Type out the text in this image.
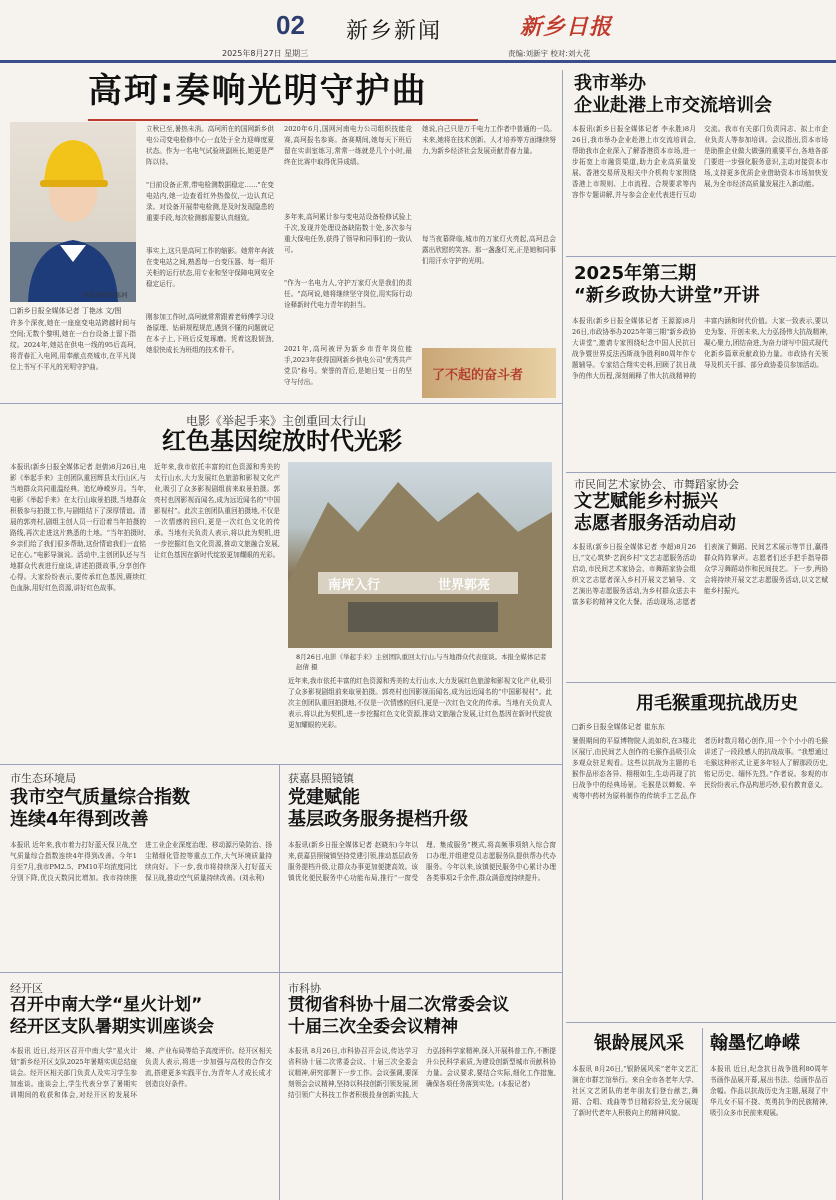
02 新乡新闻
2025年8月27日 星期三
新乡日报
责编:刘新宇 校对:刘大花
高珂:奏响光明守护曲
英姿飒爽的高珂
□新乡日报全媒体记者 丁艳冰 文/图
许多个深夜,她在一座座变电站跨越时间与空间;无数个黎明,她在一台台设备上留下指纹。2024年,她站在供电一线的95后高珂,将青春汇入电网,用奉献点亮城市,在平凡岗位上书写不平凡的光明守护曲。
立秋已至,暑热未消。高珂所在的国网新乡供电公司变电检修中心一直处于全力迎峰度夏状态。作为一名电气试验班副班长,她更是严阵以待。
"目前设备正常,带电检测数据稳定……"在变电站内,她一边查看红外热像仪,一边认真记录。对设备开展带电检测,是及时发现隐患的重要手段,每次检测都需要认真细致。
事实上,这只是高珂工作的缩影。她常年奔波在变电站之间,熟悉每一台变压器、每一组开关柜的运行状态,用专业和坚守保障电网安全稳定运行。
刚参加工作时,高珂就常常跟着老师傅学习设备原理、钻研规程规范,遇到不懂的问题就记在本子上,下班后反复琢磨。凭着这股韧劲,她很快成长为班组的技术骨干。
2020年6月,国网河南电力公司组织技能竞赛,高珂报名参赛。备赛期间,她每天下班后留在实训室练习,常常一练就是几个小时,最终在比赛中取得优异成绩。
多年来,高珂累计参与变电站设备检修试验上千次,发现并处理设备缺陷数十处,多次参与重大保电任务,获得了领导和同事们的一致认可。
"作为一名电力人,守护万家灯火是我们的责任。"高珂说,她将继续坚守岗位,用实际行动诠释新时代电力青年的担当。
2021年,高珂被评为新乡市青年岗位能手,2023年获得国网新乡供电公司"优秀共产党员"称号。荣誉的背后,是她日复一日的坚守与付出。
她说,自己只是万千电力工作者中普通的一员。未来,她将在技术创新、人才培养等方面继续努力,为新乡经济社会发展贡献青春力量。
每当夜幕降临,城市的万家灯火亮起,高珂总会露出欣慰的笑容。那一盏盏灯光,正是她和同事们用汗水守护的光明。
了不起的奋斗者
电影《举起手来》主创重回太行山
红色基因绽放时代光彩
本报讯(新乡日报全媒体记者 赵倩)8月26日,电影《举起手来》主创团队重回辉县太行山区,与当地群众共同重温经典、追忆峥嵘岁月。当年,电影《举起手来》在太行山取景拍摄,当地群众积极参与拍摄工作,与剧组结下了深厚情谊。清晨的郭亮村,剧组主创人员一行沿着当年拍摄的路线,再次走进这片熟悉的土地。“当年拍摄时,乡亲们给了我们很多帮助,这份情谊我们一直铭记在心。”电影导演说。活动中,主创团队还与当地群众代表进行座谈,讲述拍摄故事,分享创作心得。大家纷纷表示,要传承红色基因,赓续红色血脉,用好红色资源,讲好红色故事。	南坪入行	世界郭亮
8月26日,电影《举起手来》主创团队重回太行山,与当地群众代表座谈。本报全媒体记者 赵倩 摄
近年来,我市依托丰富的红色资源和秀美的太行山水,大力发展红色旅游和影视文化产业,吸引了众多影视剧组前来取景拍摄。郭亮村也因影视而闻名,成为远近闻名的“中国影视村”。此次主创团队重回拍摄地,不仅是一次情感的回归,更是一次红色文化的传承。当地有关负责人表示,将以此为契机,进一步挖掘红色文化资源,推动文旅融合发展,让红色基因在新时代绽放更加耀眼的光彩。
近年来,我市依托丰富的红色资源和秀美的太行山水,大力发展红色旅游和影视文化产业,吸引了众多影视剧组前来取景拍摄。郭亮村也因影视而闻名,成为远近闻名的“中国影视村”。此次主创团队重回拍摄地,不仅是一次情感的回归,更是一次红色文化的传承。当地有关负责人表示,将以此为契机,进一步挖掘红色文化资源,推动文旅融合发展,让红色基因在新时代绽放更加耀眼的光彩。
市生态环境局
我市空气质量综合指数
连续4年得到改善
本报讯 近年来,我市着力打好蓝天保卫战,空气质量综合指数连续4年得到改善。今年1月至7月,我市PM2.5、PM10平均浓度同比分别下降,优良天数同比增加。我市持续推进工业企业深度治理、移动源污染防治、扬尘精细化管控等重点工作,大气环境质量持续向好。下一步,我市将持续深入打好蓝天保卫战,推动空气质量持续改善。(刘永利)
获嘉县照镜镇
党建赋能
基层政务服务提档升级
本报讯(新乡日报全媒体记者 赵晓东)今年以来,获嘉县照镜镇坚持党建引领,推动基层政务服务提档升级,让群众办事更加便捷高效。该镇优化便民服务中心功能布局,推行“一窗受理、集成服务”模式,将高频事项纳入综合窗口办理,并组建党员志愿服务队提供帮办代办服务。今年以来,该镇便民服务中心累计办理各类事项2千余件,群众满意度持续提升。
经开区
召开中南大学“星火计划”
经开区支队暑期实训座谈会
本报讯 近日,经开区召开中南大学“星火计划”新乡经开区支队2025年暑期实训总结座谈会。经开区相关部门负责人及实习学生参加座谈。座谈会上,学生代表分享了暑期实训期间的收获和体会,对经开区的发展环境、产业布局等给予高度评价。经开区相关负责人表示,将进一步加强与高校的合作交流,搭建更多实践平台,为青年人才成长成才创造良好条件。
市科协
贯彻省科协十届二次常委会议
十届三次全委会议精神
本报讯 8月26日,市科协召开会议,传达学习省科协十届二次常委会议、十届三次全委会议精神,研究部署下一步工作。会议强调,要深刻领会会议精神,坚持以科技创新引领发展,团结引领广大科技工作者积极投身创新实践,大力弘扬科学家精神,深入开展科普工作,不断提升公民科学素质,为建设创新型城市贡献科协力量。会议要求,要结合实际,细化工作措施,确保各项任务落到实处。(本报记者)
我市举办
企业赴港上市交流培训会
本报讯(新乡日报全媒体记者 李永胜)8月26日,我市举办企业赴港上市交流培训会,帮助我市企业深入了解香港资本市场,进一步拓宽上市融资渠道,助力企业高质量发展。香港交易所及相关中介机构专家围绕香港上市规则、上市流程、合规要求等内容作专题讲解,并与参会企业代表进行互动交流。我市有关部门负责同志、拟上市企业负责人等参加培训。会议指出,资本市场是助推企业做大做强的重要平台,各地各部门要进一步强化服务意识,主动对接资本市场,支持更多优质企业借助资本市场加快发展,为全市经济高质量发展注入新动能。
2025年第三期
“新乡政协大讲堂”开讲
本报讯(新乡日报全媒体记者 王源源)8月26日,市政协举办2025年第三期“新乡政协大讲堂”,邀请专家围绕纪念中国人民抗日战争暨世界反法西斯战争胜利80周年作专题辅导。专家结合翔实史料,回顾了抗日战争的伟大历程,深刻阐释了伟大抗战精神的丰富内涵和时代价值。大家一致表示,要以史为鉴、开创未来,大力弘扬伟大抗战精神,凝心聚力,团结奋进,为奋力谱写中国式现代化新乡篇章贡献政协力量。市政协有关领导及机关干部、部分政协委员参加活动。
市民间艺术家协会、市舞蹈家协会
文艺赋能乡村振兴
志愿者服务活动启动
本报讯(新乡日报全媒体记者 李超)8月26日,“文心筑梦·艺润乡村”文艺志愿服务活动启动,市民间艺术家协会、市舞蹈家协会组织文艺志愿者深入乡村开展文艺辅导、文艺演出等志愿服务活动,为乡村群众送去丰富多彩的精神文化大餐。活动现场,志愿者们表演了舞蹈、民间艺术展示等节目,赢得群众阵阵掌声。志愿者们还手把手指导群众学习舞蹈动作和民间技艺。下一步,两协会将持续开展文艺志愿服务活动,以文艺赋能乡村振兴。
用毛猴重现抗战历史
□新乡日报全媒体记者 崔东东
暑假期间的平原博物院人流如织,在3楼北区展厅,由民间艺人创作的毛猴作品吸引众多观众驻足观看。这些以抗战为主题的毛猴作品形态各异、栩栩如生,生动再现了抗日战争中的经典场景。毛猴是以蝉蜕、辛夷等中药材为原料制作的传统手工艺品,作者历时数月精心创作,用一个个小小的毛猴讲述了一段段感人的抗战故事。“我想通过毛猴这种形式,让更多年轻人了解那段历史,铭记历史、缅怀先烈。”作者说。参观的市民纷纷表示,作品构思巧妙,很有教育意义。
银龄展风采
本报讯 8月26日,“银龄展风采”老年文艺汇演在市群艺馆举行。来自全市各老年大学、社区文艺团队的老年朋友们登台献艺,舞蹈、合唱、戏曲等节目精彩纷呈,充分展现了新时代老年人积极向上的精神风貌。
翰墨忆峥嵘
本报讯 近日,纪念抗日战争胜利80周年书画作品展开幕,展出书法、绘画作品百余幅。作品以抗战历史为主题,展现了中华儿女不屈不挠、英勇抗争的民族精神,吸引众多市民前来观展。
